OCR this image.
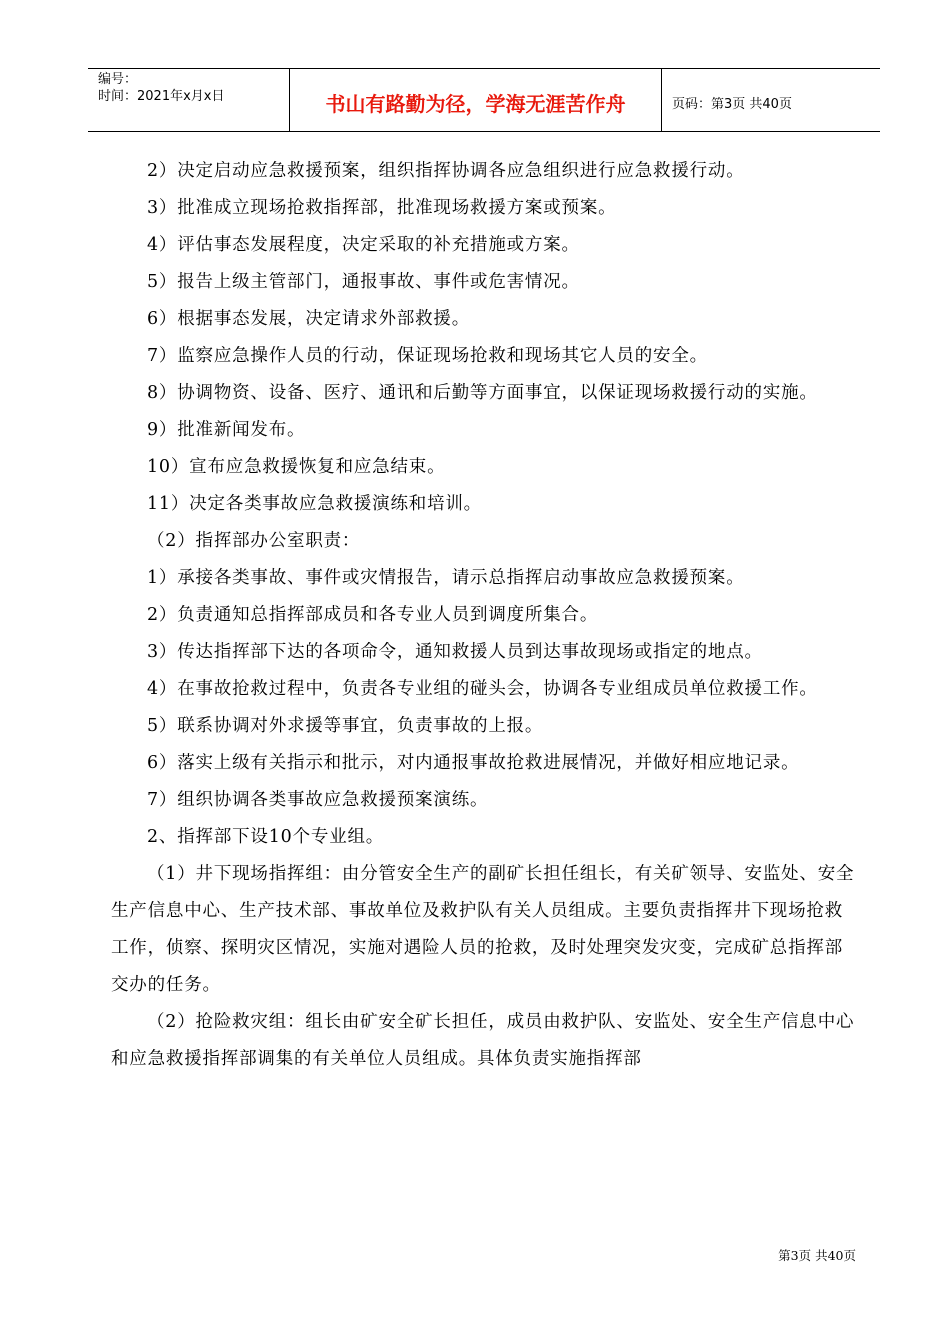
编号：
时间：2021年x月x日	书山有路勤为径，学海无涯苦作舟	页码：第3页 共40页

2）决定启动应急救援预案，组织指挥协调各应急组织进行应急救援行动。

3）批准成立现场抢救指挥部，批准现场救援方案或预案。

4）评估事态发展程度，决定采取的补充措施或方案。

5）报告上级主管部门，通报事故、事件或危害情况。

6）根据事态发展，决定请求外部救援。

7）监察应急操作人员的行动，保证现场抢救和现场其它人员的安全。

8）协调物资、设备、医疗、通讯和后勤等方面事宜，以保证现场救援行动的实施。

9）批准新闻发布。

10）宣布应急救援恢复和应急结束。

11）决定各类事故应急救援演练和培训。

（2）指挥部办公室职责：

1）承接各类事故、事件或灾情报告，请示总指挥启动事故应急救援预案。

2）负责通知总指挥部成员和各专业人员到调度所集合。

3）传达指挥部下达的各项命令，通知救援人员到达事故现场或指定的地点。

4）在事故抢救过程中，负责各专业组的碰头会，协调各专业组成员单位救援工作。

5）联系协调对外求援等事宜，负责事故的上报。

6）落实上级有关指示和批示，对内通报事故抢救进展情况，并做好相应地记录。

7）组织协调各类事故应急救援预案演练。

2、指挥部下设10个专业组。

（1）井下现场指挥组：由分管安全生产的副矿长担任组长，有关矿领导、安监处、安全生产信息中心、生产技术部、事故单位及救护队有关人员组成。主要负责指挥井下现场抢救工作，侦察、探明灾区情况，实施对遇险人员的抢救，及时处理突发灾变，完成矿总指挥部交办的任务。

（2）抢险救灾组：组长由矿安全矿长担任，成员由救护队、安监处、安全生产信息中心和应急救援指挥部调集的有关单位人员组成。具体负责实施指挥部

第3页 共40页
